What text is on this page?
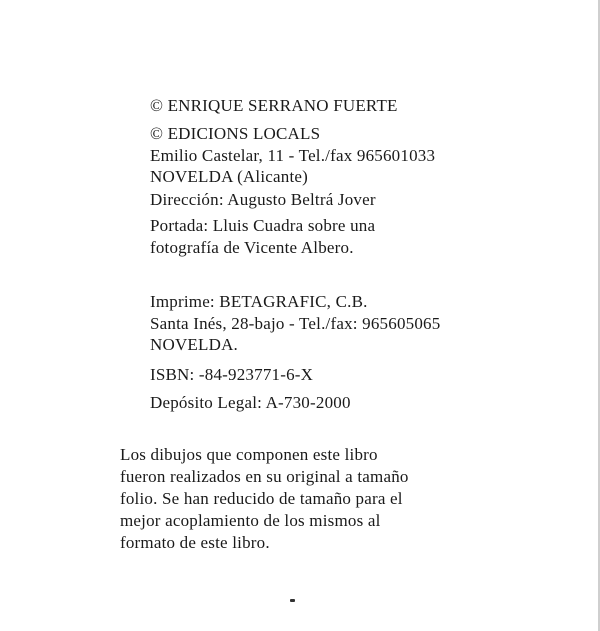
© ENRIQUE SERRANO FUERTE
© EDICIONS LOCALS
Emilio Castelar, 11 - Tel./fax 965601033
NOVELDA (Alicante)
Dirección: Augusto Beltrá Jover
Portada: Lluis Cuadra sobre una
fotografía de Vicente Albero.
Imprime: BETAGRAFIC, C.B.
Santa Inés, 28-bajo - Tel./fax: 965605065
NOVELDA.
ISBN: -84-923771-6-X
Depósito Legal: A-730-2000
Los dibujos que componen este libro
fueron realizados en su original a tamaño
folio. Se han reducido de tamaño para el
mejor acoplamiento de los mismos al
formato de este libro.
